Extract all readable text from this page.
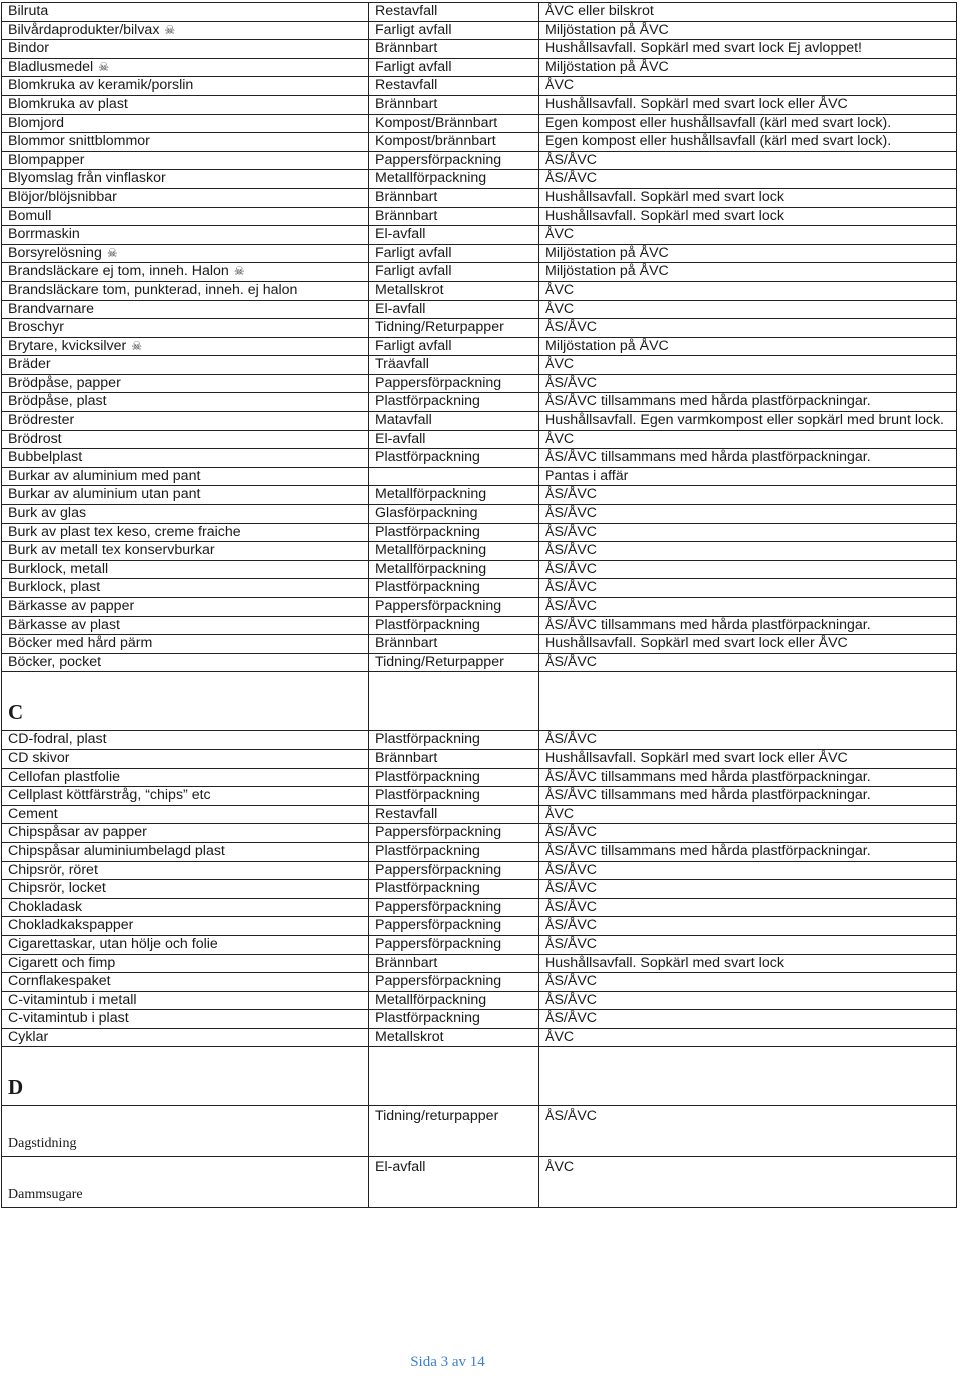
Bilruta	Restavfall	ÅVC eller bilskrot
Bilvårdaprodukter/bilvax ☠	Farligt avfall	Miljöstation på ÅVC
Bindor	Brännbart	Hushållsavfall. Sopkärl med svart lock Ej avloppet!
Bladlusmedel ☠	Farligt avfall	Miljöstation på ÅVC
Blomkruka av keramik/porslin	Restavfall	ÅVC
Blomkruka av plast	Brännbart	Hushållsavfall. Sopkärl med svart lock eller ÅVC
Blomjord	Kompost/Brännbart	Egen kompost eller hushållsavfall (kärl med svart lock).
Blommor snittblommor	Kompost/brännbart	Egen kompost eller hushållsavfall (kärl med svart lock).
Blompapper	Pappersförpackning	ÅS/ÅVC
Blyomslag från vinflaskor	Metallförpackning	ÅS/ÅVC
Blöjor/blöjsnibbar	Brännbart	Hushållsavfall. Sopkärl med svart lock
Bomull	Brännbart	Hushållsavfall. Sopkärl med svart lock
Borrmaskin	El-avfall	ÅVC
Borsyrelösning ☠	Farligt avfall	Miljöstation på ÅVC
Brandsläckare ej tom, inneh. Halon ☠	Farligt avfall	Miljöstation på ÅVC
Brandsläckare tom, punkterad, inneh. ej halon	Metallskrot	ÅVC
Brandvarnare	El-avfall	ÅVC
Broschyr	Tidning/Returpapper	ÅS/ÅVC
Brytare, kvicksilver ☠	Farligt avfall	Miljöstation på ÅVC
Bräder	Träavfall	ÅVC
Brödpåse, papper	Pappersförpackning	ÅS/ÅVC
Brödpåse, plast	Plastförpackning	ÅS/ÅVC tillsammans med hårda plastförpackningar.
Brödrester	Matavfall	Hushållsavfall. Egen varmkompost eller sopkärl med brunt lock.
Brödrost	El-avfall	ÅVC
Bubbelplast	Plastförpackning	ÅS/ÅVC tillsammans med hårda plastförpackningar.
Burkar av aluminium med pant		Pantas i affär
Burkar av aluminium utan pant	Metallförpackning	ÅS/ÅVC
Burk av glas	Glasförpackning	ÅS/ÅVC
Burk av plast tex keso, creme fraiche	Plastförpackning	ÅS/ÅVC
Burk av metall tex konservburkar	Metallförpackning	ÅS/ÅVC
Burklock, metall	Metallförpackning	ÅS/ÅVC
Burklock, plast	Plastförpackning	ÅS/ÅVC
Bärkasse av papper	Pappersförpackning	ÅS/ÅVC
Bärkasse av plast	Plastförpackning	ÅS/ÅVC tillsammans med hårda plastförpackningar.
Böcker med hård pärm	Brännbart	Hushållsavfall. Sopkärl med svart lock eller ÅVC
Böcker, pocket	Tidning/Returpapper	ÅS/ÅVC
C		
CD-fodral, plast	Plastförpackning	ÅS/ÅVC
CD skivor	Brännbart	Hushållsavfall. Sopkärl med svart lock eller ÅVC
Cellofan plastfolie	Plastförpackning	ÅS/ÅVC tillsammans med hårda plastförpackningar.
Cellplast köttfärstråg, “chips” etc	Plastförpackning	ÅS/ÅVC tillsammans med hårda plastförpackningar.
Cement	Restavfall	ÅVC
Chipspåsar av papper	Pappersförpackning	ÅS/ÅVC
Chipspåsar aluminiumbelagd plast	Plastförpackning	ÅS/ÅVC tillsammans med hårda plastförpackningar.
Chipsrör, röret	Pappersförpackning	ÅS/ÅVC
Chipsrör, locket	Plastförpackning	ÅS/ÅVC
Chokladask	Pappersförpackning	ÅS/ÅVC
Chokladkakspapper	Pappersförpackning	ÅS/ÅVC
Cigarettaskar, utan hölje och folie	Pappersförpackning	ÅS/ÅVC
Cigarett och fimp	Brännbart	Hushållsavfall. Sopkärl med svart lock
Cornflakespaket	Pappersförpackning	ÅS/ÅVC
C-vitamintub i metall	Metallförpackning	ÅS/ÅVC
C-vitamintub i plast	Plastförpackning	ÅS/ÅVC
Cyklar	Metallskrot	ÅVC
D		
Dagstidning	Tidning/returpapper	ÅS/ÅVC
Dammsugare	El-avfall	ÅVC
Sida 3 av 14
